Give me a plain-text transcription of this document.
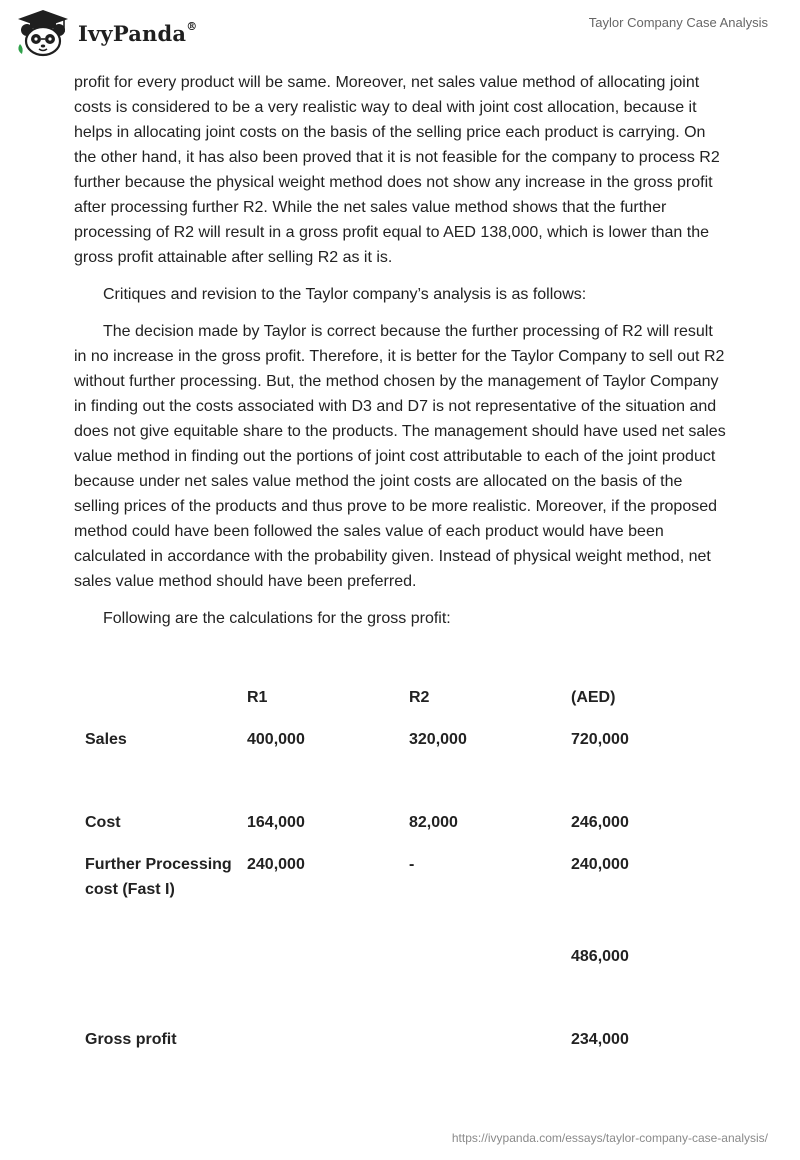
IvyPanda®	Taylor Company Case Analysis

profit for every product will be same. Moreover, net sales value method of allocating joint costs is considered to be a very realistic way to deal with joint cost allocation, because it helps in allocating joint costs on the basis of the selling price each product is carrying. On the other hand, it has also been proved that it is not feasible for the company to process R2 further because the physical weight method does not show any increase in the gross profit after processing further R2. While the net sales value method shows that the further processing of R2 will result in a gross profit equal to AED 138,000, which is lower than the gross profit attainable after selling R2 as it is.

Critiques and revision to the Taylor company’s analysis is as follows:

The decision made by Taylor is correct because the further processing of R2 will result in no increase in the gross profit. Therefore, it is better for the Taylor Company to sell out R2 without further processing. But, the method chosen by the management of Taylor Company in finding out the costs associated with D3 and D7 is not representative of the situation and does not give equitable share to the products. The management should have used net sales value method in finding out the portions of joint cost attributable to each of the joint product because under net sales value method the joint costs are allocated on the basis of the selling prices of the products and thus prove to be more realistic. Moreover, if the proposed method could have been followed the sales value of each product would have been calculated in accordance with the probability given. Instead of physical weight method, net sales value method should have been preferred.

Following are the calculations for the gross profit:

	R1	R2	(AED)
Sales	400,000	320,000	720,000
Cost	164,000	82,000	246,000
Further Processing cost (Fast I)	240,000	-	240,000
			486,000
Gross profit			234,000
https://ivypanda.com/essays/taylor-company-case-analysis/
